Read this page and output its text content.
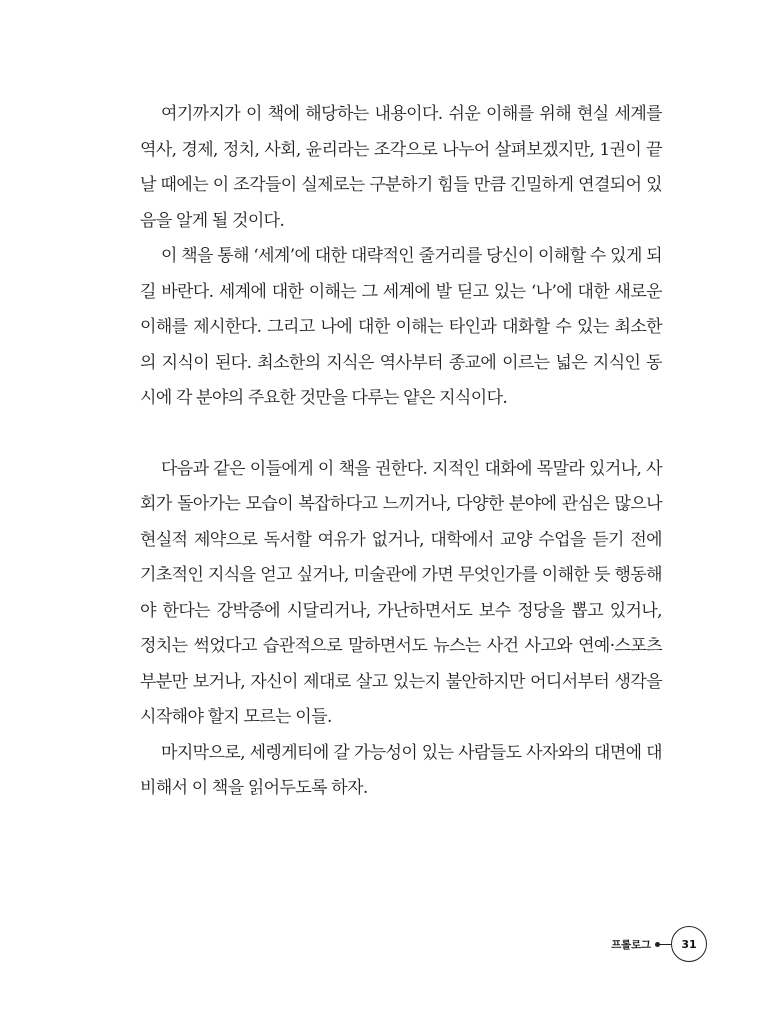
여기까지가 이 책에 해당하는 내용이다. 쉬운 이해를 위해 현실 세계를 역사, 경제, 정치, 사회, 윤리라는 조각으로 나누어 살펴보겠지만, 1권이 끝날 때에는 이 조각들이 실제로는 구분하기 힘들 만큼 긴밀하게 연결되어 있음을 알게 될 것이다.

이 책을 통해 ‘세계’에 대한 대략적인 줄거리를 당신이 이해할 수 있게 되길 바란다. 세계에 대한 이해는 그 세계에 발 딛고 있는 ‘나’에 대한 새로운 이해를 제시한다. 그리고 나에 대한 이해는 타인과 대화할 수 있는 최소한의 지식이 된다. 최소한의 지식은 역사부터 종교에 이르는 넓은 지식인 동시에 각 분야의 주요한 것만을 다루는 얕은 지식이다.

다음과 같은 이들에게 이 책을 권한다. 지적인 대화에 목말라 있거나, 사회가 돌아가는 모습이 복잡하다고 느끼거나, 다양한 분야에 관심은 많으나 현실적 제약으로 독서할 여유가 없거나, 대학에서 교양 수업을 듣기 전에 기초적인 지식을 얻고 싶거나, 미술관에 가면 무엇인가를 이해한 듯 행동해야 한다는 강박증에 시달리거나, 가난하면서도 보수 정당을 뽑고 있거나, 정치는 썩었다고 습관적으로 말하면서도 뉴스는 사건 사고와 연예·스포츠 부분만 보거나, 자신이 제대로 살고 있는지 불안하지만 어디서부터 생각을 시작해야 할지 모르는 이들.

마지막으로, 세렝게티에 갈 가능성이 있는 사람들도 사자와의 대면에 대비해서 이 책을 읽어두도록 하자.

프롤로그	31
